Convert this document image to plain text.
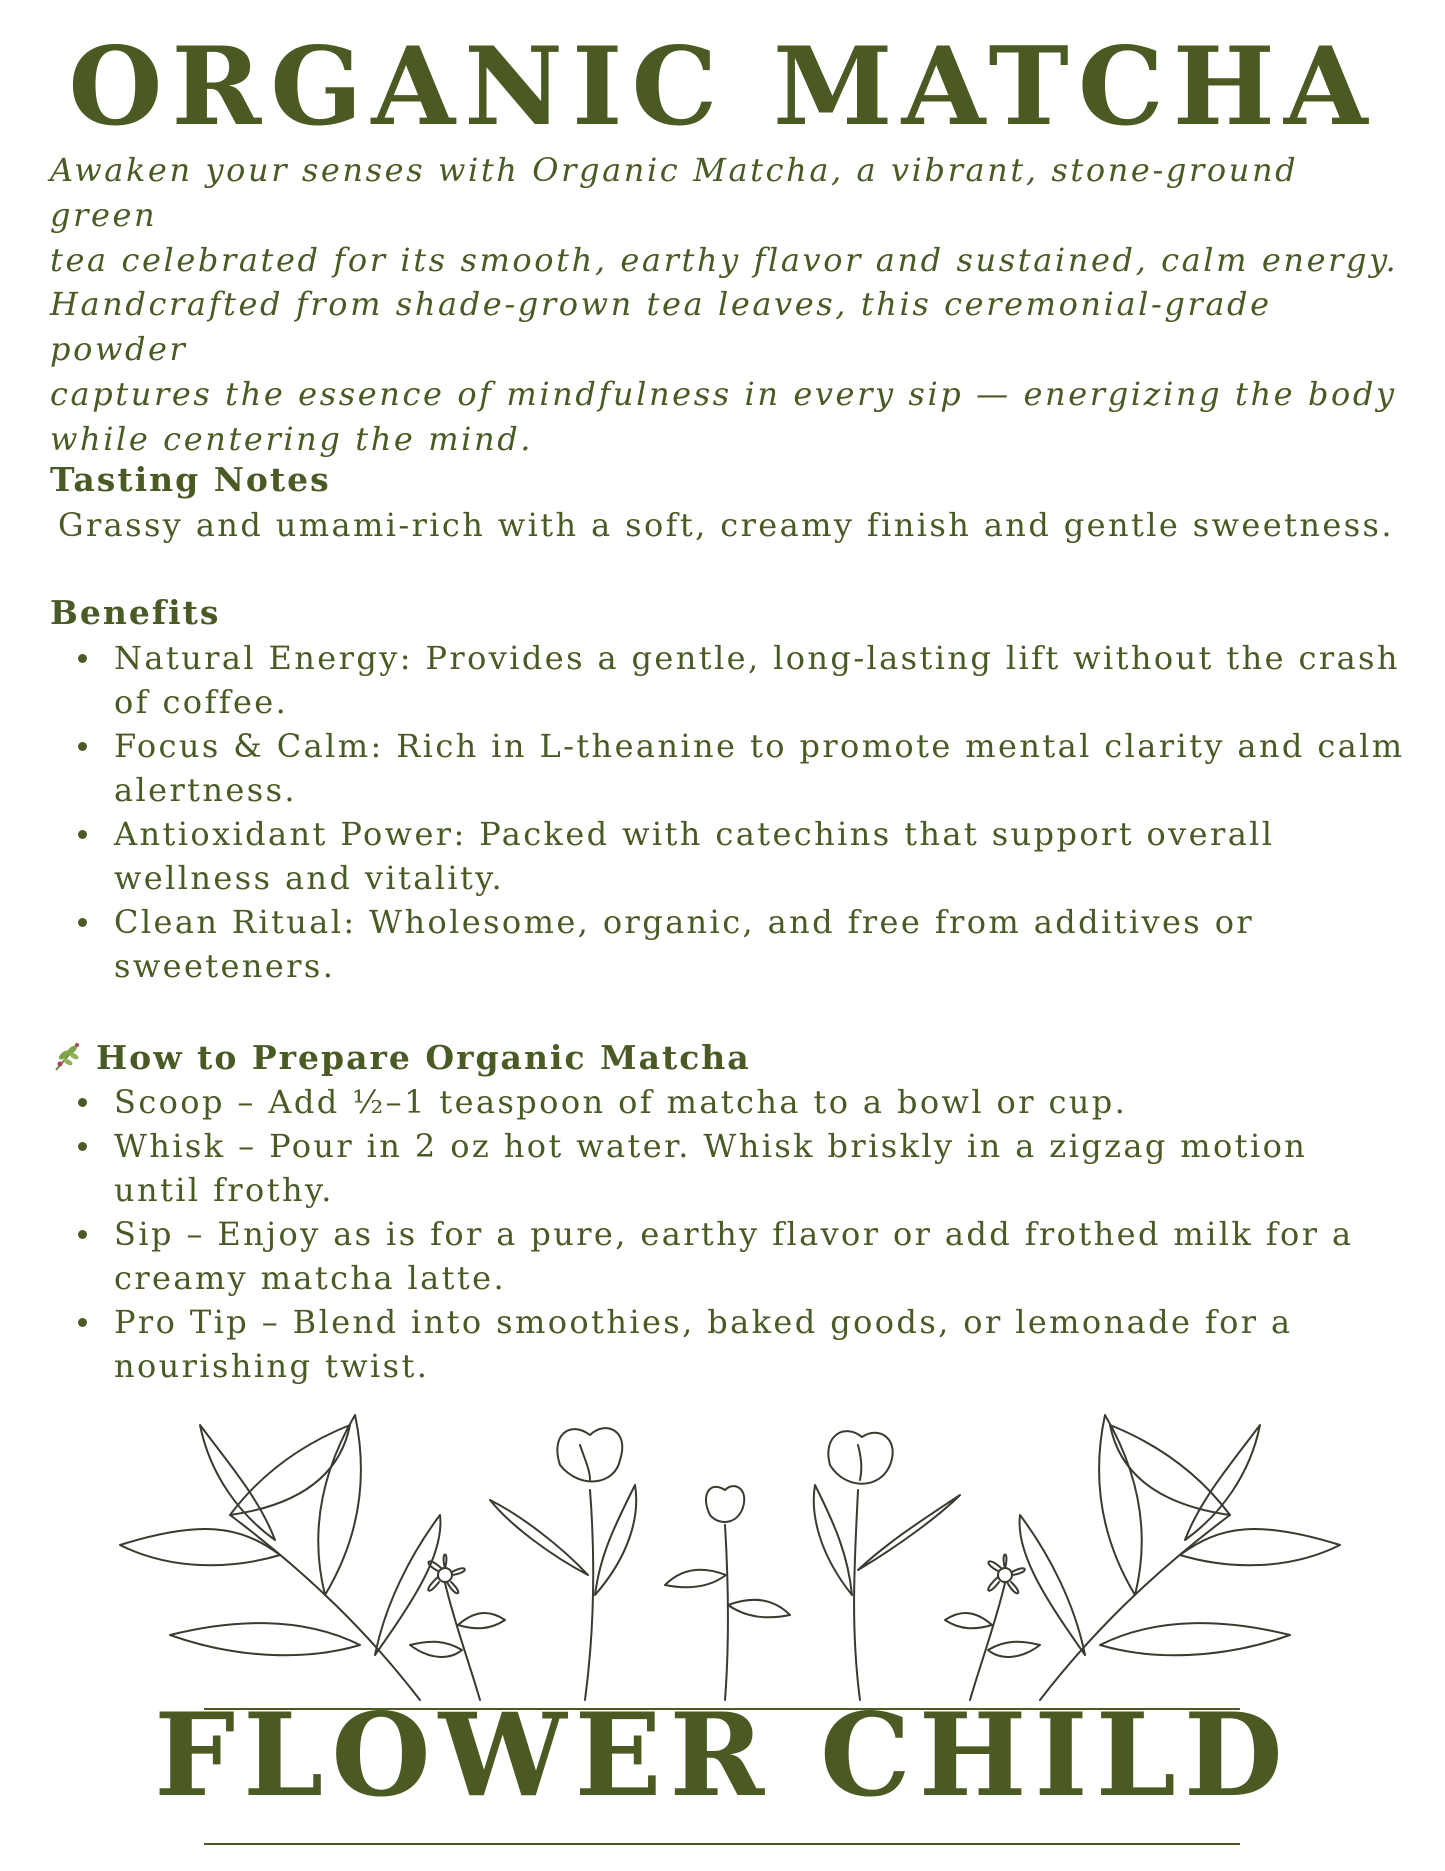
ORGANIC MATCHA
Awaken your senses with Organic Matcha, a vibrant, stone-ground green
tea celebrated for its smooth, earthy flavor and sustained, calm energy.
Handcrafted from shade-grown tea leaves, this ceremonial-grade powder
captures the essence of mindfulness in every sip — energizing the body
while centering the mind.
Tasting Notes

Grassy and umami-rich with a soft, creamy finish and gentle sweetness.

Benefits
Natural Energy: Provides a gentle, long-lasting lift without the crash
of coffee.
Focus & Calm: Rich in L-theanine to promote mental clarity and calm
alertness.
Antioxidant Power: Packed with catechins that support overall
wellness and vitality.
Clean Ritual: Wholesome, organic, and free from additives or
sweeteners.
How to Prepare Organic Matcha
Scoop – Add ½–1 teaspoon of matcha to a bowl or cup.
Whisk – Pour in 2 oz hot water. Whisk briskly in a zigzag motion
until frothy.
Sip – Enjoy as is for a pure, earthy flavor or add frothed milk for a
creamy matcha latte.
Pro Tip – Blend into smoothies, baked goods, or lemonade for a
nourishing twist.
FLOWER CHILD
